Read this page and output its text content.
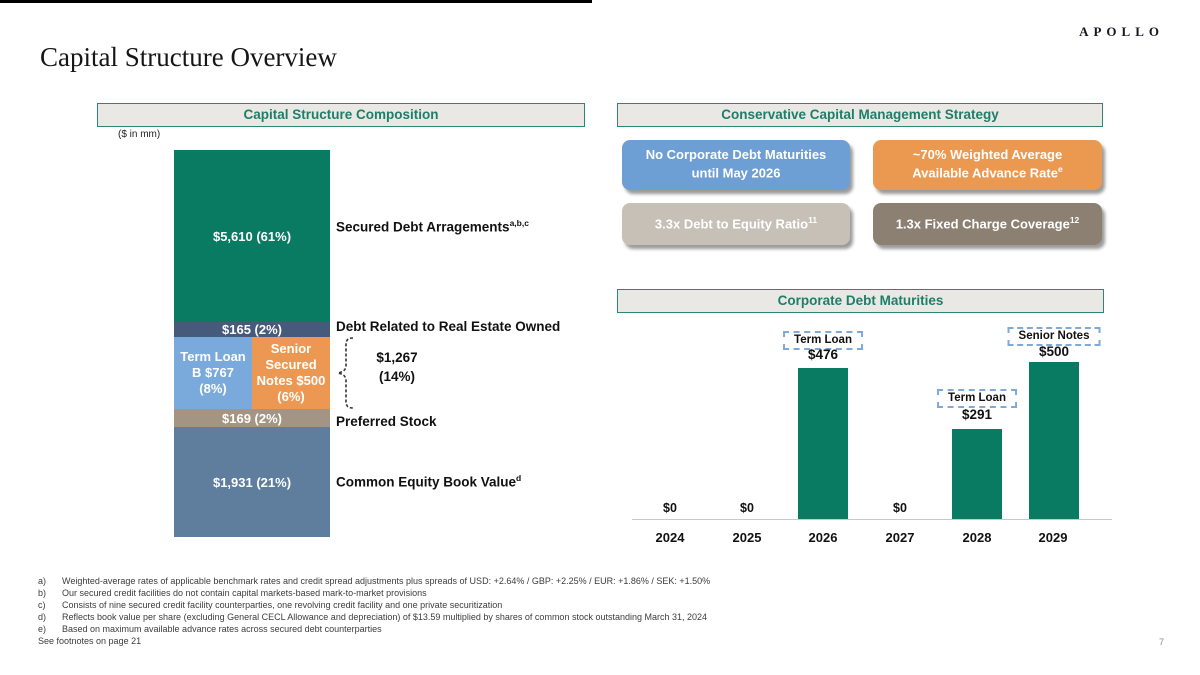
APOLLO
Capital Structure Overview
Capital Structure Composition
($ in mm)
$5,610 (61%)
$165 (2%)
Term Loan B $767 (8%)
Senior Secured Notes $500 (6%)
$169 (2%)
$1,931 (21%)
Secured Debt Arragements$^{a,b,c}$
Debt Related to Real Estate Owned
$1,267
(14%)
Preferred Stock
Common Equity Book Value$^d$
Conservative Capital Management Strategy
No Corporate Debt Maturities until May 2026
~70% Weighted Average Available Advance Rate$^e$
3.3x Debt to Equity Ratio$^{11}$	1.3x Fixed Charge Coverage$^{12}$
Corporate Debt Maturities
Term Loan
$476
Term Loan
$291
Senior Notes
$500
$0	$0	$0
2024	2025	2026	2027	2028	2029
a) Weighted-average rates of applicable benchmark rates and credit spread adjustments plus spreads of USD: +2.64% / GBP: +2.25% / EUR: +1.86% / SEK: +1.50%
b) Our secured credit facilities do not contain capital markets-based mark-to-market provisions
c) Consists of nine secured credit facility counterparties, one revolving credit facility and one private securitization
d) Reflects book value per share (excluding General CECL Allowance and depreciation) of $13.59 multiplied by shares of common stock outstanding March 31, 2024
e) Based on maximum available advance rates across secured debt counterparties
See footnotes on page 21	7
